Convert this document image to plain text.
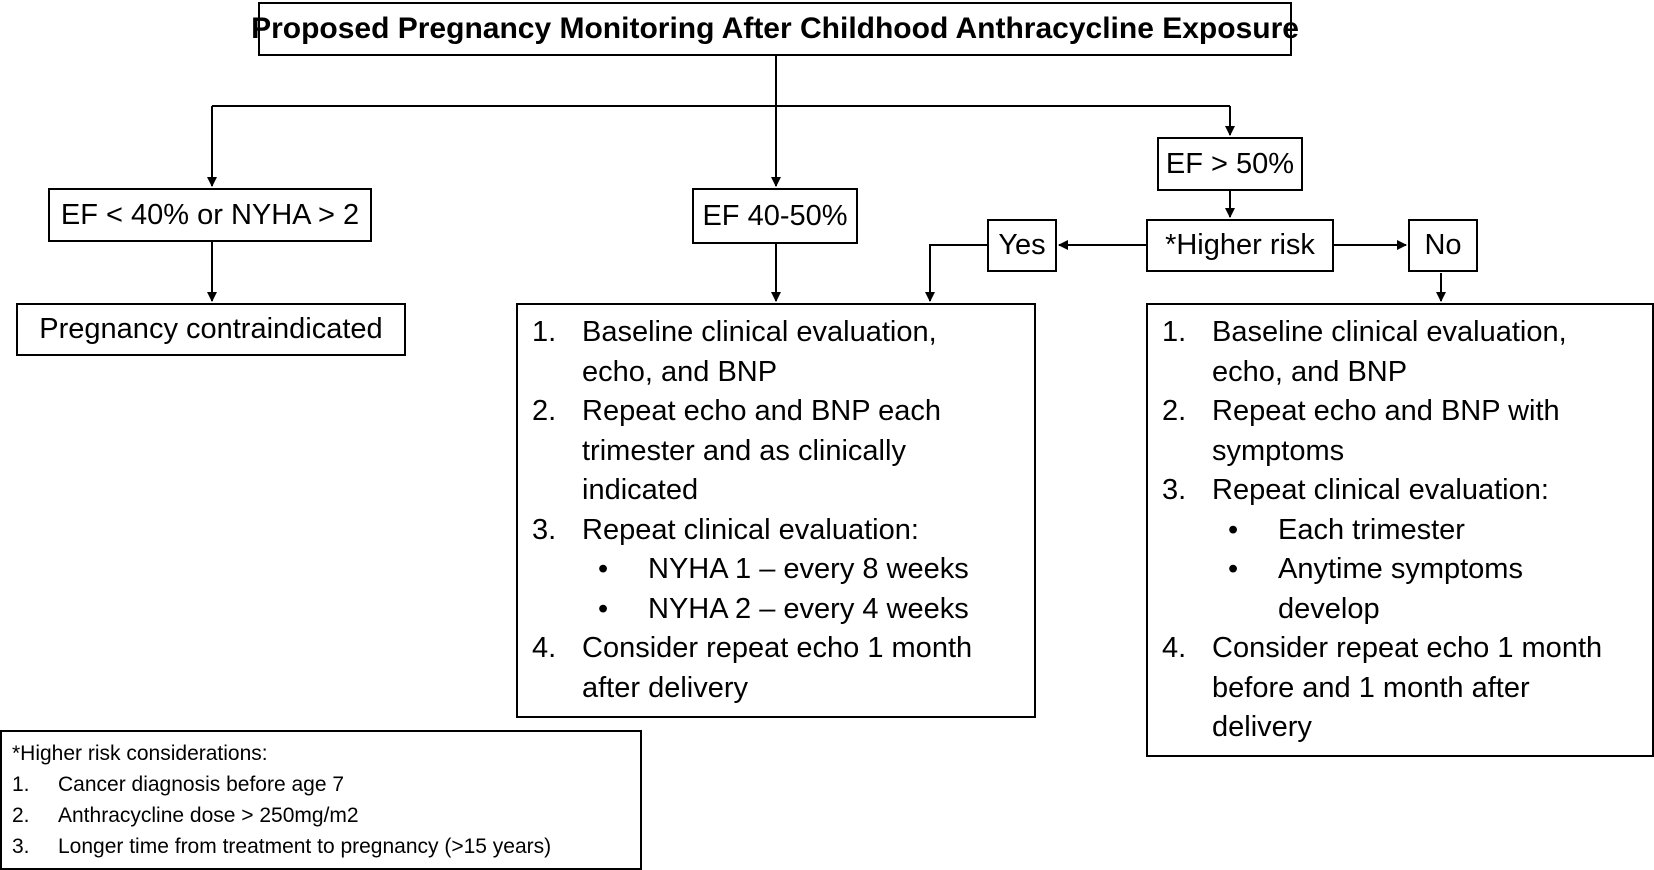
Proposed Pregnancy Monitoring After Childhood Anthracycline Exposure
EF < 40% or NYHA > 2
Pregnancy contraindicated
EF 40-50%
EF > 50%
*Higher risk
Yes	No
1. Baseline clinical evaluation,
echo, and BNP
2. Repeat echo and BNP each
trimester and as clinically
indicated
3. Repeat clinical evaluation:
•	NYHA 1 – every 8 weeks
•	NYHA 2 – every 4 weeks
4. Consider repeat echo 1 month
after delivery
1. Baseline clinical evaluation,
echo, and BNP
2. Repeat echo and BNP with
symptoms
3. Repeat clinical evaluation:
•	Each trimester
•	Anytime symptoms
develop
4. Consider repeat echo 1 month
before and 1 month after
delivery
*Higher risk considerations:
1.	Cancer diagnosis before age 7
2.	Anthracycline dose > 250mg/m2
3.	Longer time from treatment to pregnancy (>15 years)
